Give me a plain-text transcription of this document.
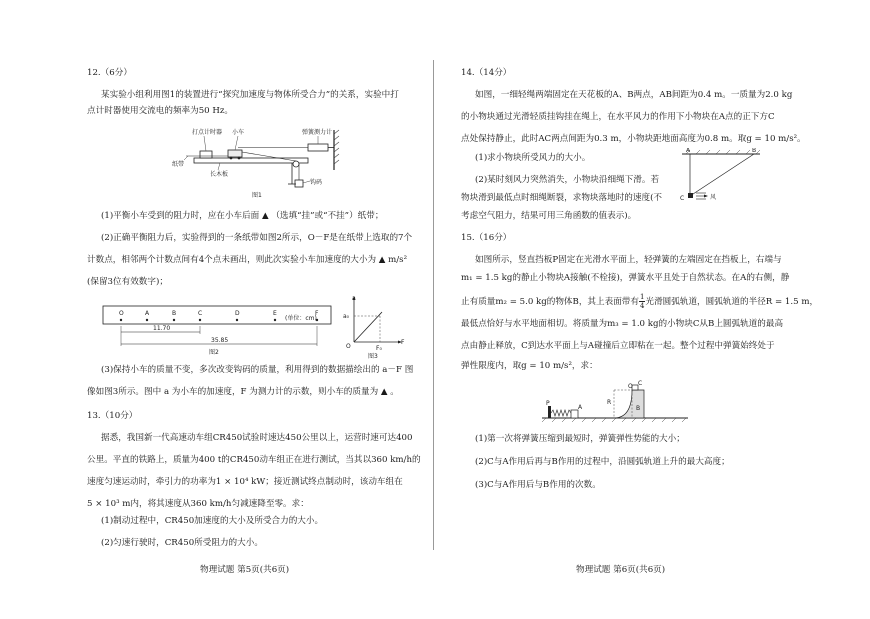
12.（6分）
某实验小组利用图1的装置进行“探究加速度与物体所受合力”的关系，实验中打
点计时器使用交流电的频率为50 Hz。
打点计时器 小车	弹簧测力计
纸带
长木板
钩码
图1
(1)平衡小车受到的阻力时，应在小车后面 ▲ （选填“挂”或“不挂”）纸带；
(2)正确平衡阻力后，实验得到的一条纸带如图2所示，O－F是在纸带上选取的7个
计数点，相邻两个计数点间有4个点未画出，则此次实验小车加速度的大小为 ▲ m/s²
(保留3位有效数字)；
O	A	B	C	D	E	F
(单位：cm)
11.70
35.85
图2
a
a₀
F
F₀
O
图3
(3)保持小车的质量不变，多次改变钩码的质量，利用得到的数据描绘出的 a－F 图
像如图3所示。图中 a 为小车的加速度，F 为测力计的示数，则小车的质量为 ▲ 。
13.（10分）
据悉，我国新一代高速动车组CR450试验时速达450公里以上，运营时速可达400
公里。平直的铁路上，质量为400 t的CR450动车组正在进行测试，当其以360 km/h的
速度匀速运动时，牵引力的功率为1 × 10⁴ kW；接近测试终点制动时，该动车组在
5 × 10³ m内，将其速度从360 km/h匀减速降至零。求：
(1)制动过程中，CR450加速度的大小及所受合力的大小。
(2)匀速行驶时，CR450所受阻力的大小。
物理试题 第5页(共6页)
14.（14分）
如图，一细轻绳两端固定在天花板的A、B两点，AB间距为0.4 m。一质量为2.0 kg
的小物块通过光滑轻质挂钩挂在绳上，在水平风力的作用下小物块在A点的正下方C
点处保持静止，此时AC两点间距为0.3 m，小物块距地面高度为0.8 m。取g = 10 m/s²。
(1)求小物块所受风力的大小。
(2)某时刻风力突然消失，小物块沿细绳下滑。若
物块滑到最低点时细绳断裂，求物块落地时的速度(不
考虑空气阻力，结果可用三角函数的值表示)。
A	B
C	风
15.（16分）
如图所示，竖直挡板P固定在光滑水平面上，轻弹簧的左端固定在挡板上，右端与
m₁ = 1.5 kg的静止小物块A接触(不栓接)，弹簧水平且处于自然状态。在A的右侧，静
止有质量m₂ = 5.0 kg的物体B，其上表面带有 $\frac{1}{4}$ 光滑圆弧轨道，圆弧轨道的半径R = 1.5 m，
最低点恰好与水平地面相切。将质量为m₃ = 1.0 kg的小物块C从B上圆弧轨道的最高
点由静止释放，C到达水平面上与A碰撞后立即粘在一起。整个过程中弹簧始终处于
弹性限度内，取g = 10 m/s²，求：
P
A	B
C
O
R
(1)第一次将弹簧压缩到最短时，弹簧弹性势能的大小；
(2)C与A作用后再与B作用的过程中，沿圆弧轨道上升的最大高度；
(3)C与A作用后与B作用的次数。
物理试题 第6页(共6页)
